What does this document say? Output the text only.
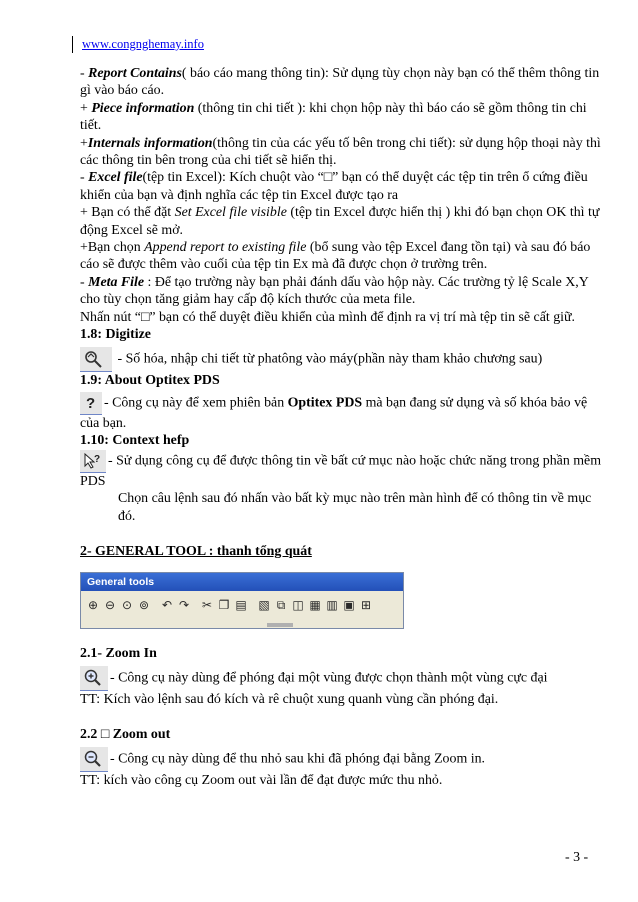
www.congnghemay.info

- Report Contains( báo cáo mang thông tin): Sử dụng tùy chọn này bạn có thể thêm thông tin gì vào báo cáo.

+ Piece information (thông tin chi tiết ): khi chọn hộp này thì báo cáo sẽ gồm thông tin chi tiết.

+Internals information(thông tin của các yếu tố bên trong chi tiết): sử dụng hộp thoại này thì các thông tin bên trong của chi tiết sẽ hiển thị.

- Excel file(tệp tin Excel): Kích chuột vào “□” bạn có thể duyệt các tệp tin trên ổ cứng điều khiển của bạn và định nghĩa các tệp tin Excel được tạo ra

+ Bạn có thể đặt Set Excel file visible (tệp tin Excel được hiển thị ) khi đó bạn chọn OK thì tự động Excel sẽ mở.

+Bạn chọn Append report to existing file (bổ sung vào tệp Excel đang tồn tại) và sau đó báo cáo sẽ được thêm vào cuối của tệp tin Ex mà đã được chọn ở trường trên.

- Meta File : Để tạo trường này bạn phải đánh dấu vào hộp này. Các trường tỷ lệ Scale X,Y cho tùy chọn tăng giảm hay cấp độ kích thước của meta file.

Nhấn nút “□” bạn có thể duyệt điều khiển của mình để định ra vị trí mà tệp tin sẽ cất giữ.

1.8: Digitize

- Số hóa, nhập chi tiết từ phatông vào máy(phần này tham khảo chương sau)

1.9: About Optitex PDS

? - Công cụ này để xem phiên bản Optitex PDS mà bạn đang sử dụng và số khóa bảo vệ của bạn.

1.10: Context hefp

? - Sử dụng công cụ để được thông tin về bất cứ mục nào hoặc chức năng trong phần mềm PDS

Chọn câu lệnh sau đó nhấn vào bất kỳ mục nào trên màn hình để có thông tin về mục đó.

2- GENERAL TOOL : thanh tổng quát

General tools
⊕ ⊖ ⊙ ⊚ ↶ ↷ ✂ ❐ ▤ ▧ ⧉ ◫ ▦ ▥ ▣ ⊞

2.1- Zoom In

- Công cụ này dùng để phóng đại một vùng được chọn thành một vùng cực đại

TT: Kích vào lệnh sau đó kích và rê chuột xung quanh vùng cần phóng đại.

2.2 □ Zoom out

- Công cụ này dùng để thu nhỏ sau khi đã phóng đại bằng Zoom in.

TT: kích vào công cụ Zoom out vài lần để đạt được mức thu nhỏ.

- 3 -
